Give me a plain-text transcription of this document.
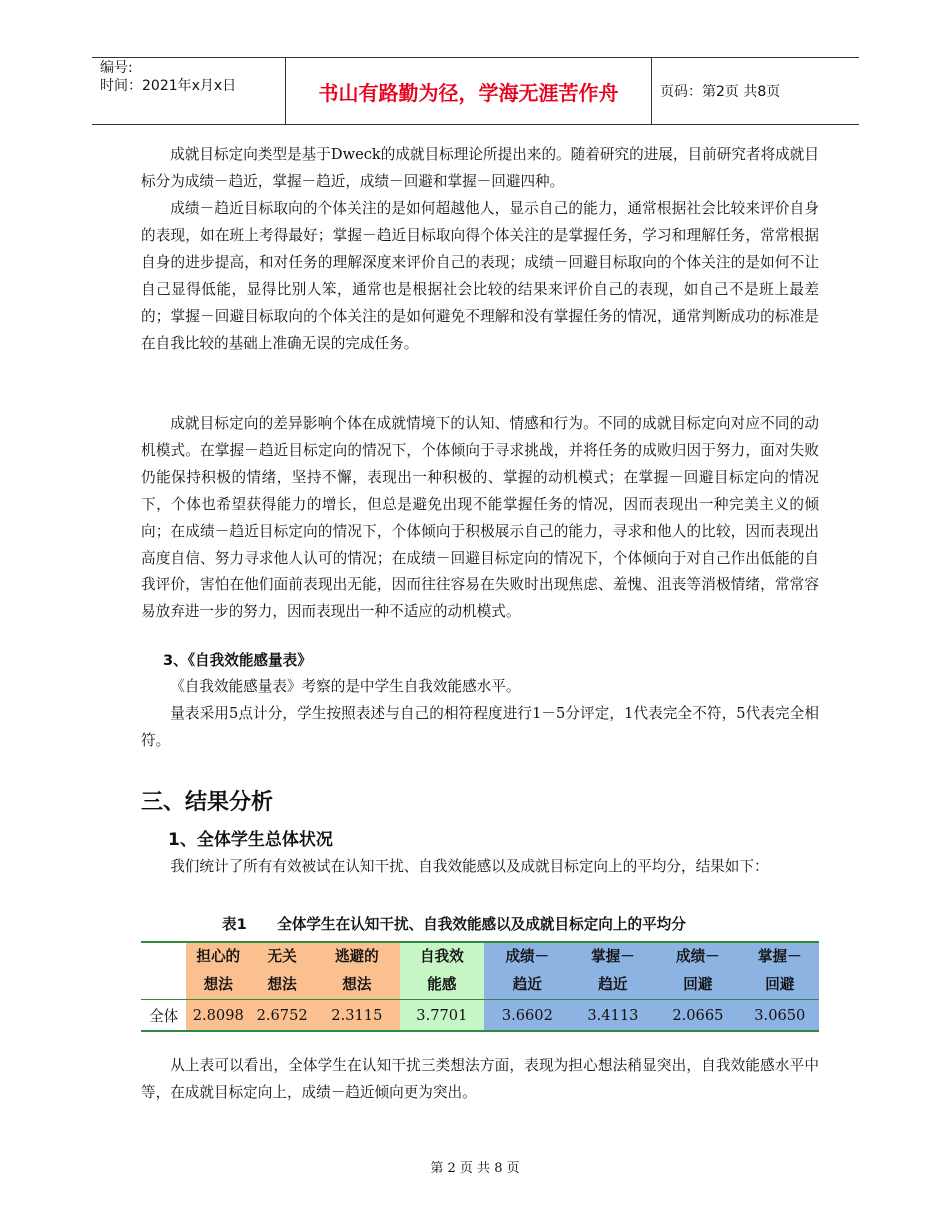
编号:
时间：2021年x月x日	书山有路勤为径，学海无涯苦作舟	页码：第2页 共8页
成就目标定向类型是基于Dweck的成就目标理论所提出来的。随着研究的进展，目前研究者将成就目标分为成绩－趋近，掌握－趋近，成绩－回避和掌握－回避四种。
成绩－趋近目标取向的个体关注的是如何超越他人，显示自己的能力，通常根据社会比较来评价自身的表现，如在班上考得最好；掌握－趋近目标取向得个体关注的是掌握任务，学习和理解任务，常常根据自身的进步提高，和对任务的理解深度来评价自己的表现；成绩－回避目标取向的个体关注的是如何不让自己显得低能，显得比别人笨，通常也是根据社会比较的结果来评价自己的表现，如自己不是班上最差的；掌握－回避目标取向的个体关注的是如何避免不理解和没有掌握任务的情况，通常判断成功的标准是在自我比较的基础上准确无误的完成任务。
成就目标定向的差异影响个体在成就情境下的认知、情感和行为。不同的成就目标定向对应不同的动机模式。在掌握－趋近目标定向的情况下，个体倾向于寻求挑战，并将任务的成败归因于努力，面对失败仍能保持积极的情绪，坚持不懈，表现出一种积极的、掌握的动机模式；在掌握－回避目标定向的情况下，个体也希望获得能力的增长，但总是避免出现不能掌握任务的情况，因而表现出一种完美主义的倾向；在成绩－趋近目标定向的情况下，个体倾向于积极展示自己的能力，寻求和他人的比较，因而表现出高度自信、努力寻求他人认可的情况；在成绩－回避目标定向的情况下，个体倾向于对自己作出低能的自我评价，害怕在他们面前表现出无能，因而往往容易在失败时出现焦虑、羞愧、沮丧等消极情绪，常常容易放弃进一步的努力，因而表现出一种不适应的动机模式。
3、《自我效能感量表》
《自我效能感量表》考察的是中学生自我效能感水平。
量表采用5点计分，学生按照表述与自己的相符程度进行1－5分评定，1代表完全不符，5代表完全相符。
三、结果分析
1、全体学生总体状况
我们统计了所有有效被试在认知干扰、自我效能感以及成就目标定向上的平均分，结果如下：
表1      全体学生在认知干扰、自我效能感以及成就目标定向上的平均分
	担心的	无关	逃避的	自我效	成绩－	掌握－	成绩－	掌握－
	想法	想法	想法	能感	趋近	趋近	回避	回避
全体	2.8098	2.6752	2.3115	3.7701	3.6602	3.4113	2.0665	3.0650
从上表可以看出，全体学生在认知干扰三类想法方面，表现为担心想法稍显突出，自我效能感水平中等，在成就目标定向上，成绩－趋近倾向更为突出。
第 2 页 共 8 页
